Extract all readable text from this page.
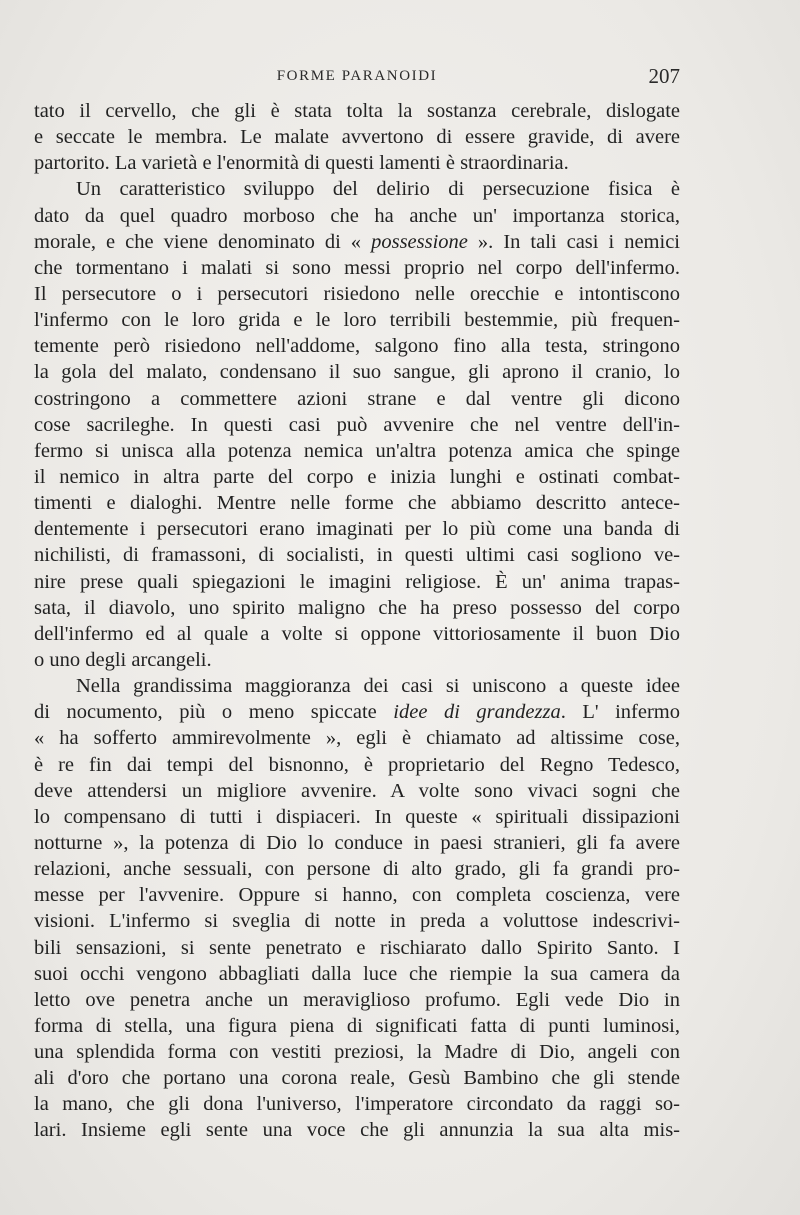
FORME PARANOIDI	207
tato il cervello, che gli è stata tolta la sostanza cerebrale, dislogate
e seccate le membra. Le malate avvertono di essere gravide, di avere
partorito. La varietà e l'enormità di questi lamenti è straordinaria.
Un caratteristico sviluppo del delirio di persecuzione fisica è
dato da quel quadro morboso che ha anche un' importanza storica,
morale, e che viene denominato di « possessione ». In tali casi i nemici
che tormentano i malati si sono messi proprio nel corpo dell'infermo.
Il persecutore o i persecutori risiedono nelle orecchie e intontiscono
l'infermo con le loro grida e le loro terribili bestemmie, più frequen-
temente però risiedono nell'addome, salgono fino alla testa, stringono
la gola del malato, condensano il suo sangue, gli aprono il cranio, lo
costringono a commettere azioni strane e dal ventre gli dicono
cose sacrileghe. In questi casi può avvenire che nel ventre dell'in-
fermo si unisca alla potenza nemica un'altra potenza amica che spinge
il nemico in altra parte del corpo e inizia lunghi e ostinati combat-
timenti e dialoghi. Mentre nelle forme che abbiamo descritto antece-
dentemente i persecutori erano imaginati per lo più come una banda di
nichilisti, di framassoni, di socialisti, in questi ultimi casi sogliono ve-
nire prese quali spiegazioni le imagini religiose. È un' anima trapas-
sata, il diavolo, uno spirito maligno che ha preso possesso del corpo
dell'infermo ed al quale a volte si oppone vittoriosamente il buon Dio
o uno degli arcangeli.
Nella grandissima maggioranza dei casi si uniscono a queste idee
di nocumento, più o meno spiccate idee di grandezza. L' infermo
« ha sofferto ammirevolmente », egli è chiamato ad altissime cose,
è re fin dai tempi del bisnonno, è proprietario del Regno Tedesco,
deve attendersi un migliore avvenire. A volte sono vivaci sogni che
lo compensano di tutti i dispiaceri. In queste « spirituali dissipazioni
notturne », la potenza di Dio lo conduce in paesi stranieri, gli fa avere
relazioni, anche sessuali, con persone di alto grado, gli fa grandi pro-
messe per l'avvenire. Oppure si hanno, con completa coscienza, vere
visioni. L'infermo si sveglia di notte in preda a voluttose indescrivi-
bili sensazioni, si sente penetrato e rischiarato dallo Spirito Santo. I
suoi occhi vengono abbagliati dalla luce che riempie la sua camera da
letto ove penetra anche un meraviglioso profumo. Egli vede Dio in
forma di stella, una figura piena di significati fatta di punti luminosi,
una splendida forma con vestiti preziosi, la Madre di Dio, angeli con
ali d'oro che portano una corona reale, Gesù Bambino che gli stende
la mano, che gli dona l'universo, l'imperatore circondato da raggi so-
lari. Insieme egli sente una voce che gli annunzia la sua alta mis-
